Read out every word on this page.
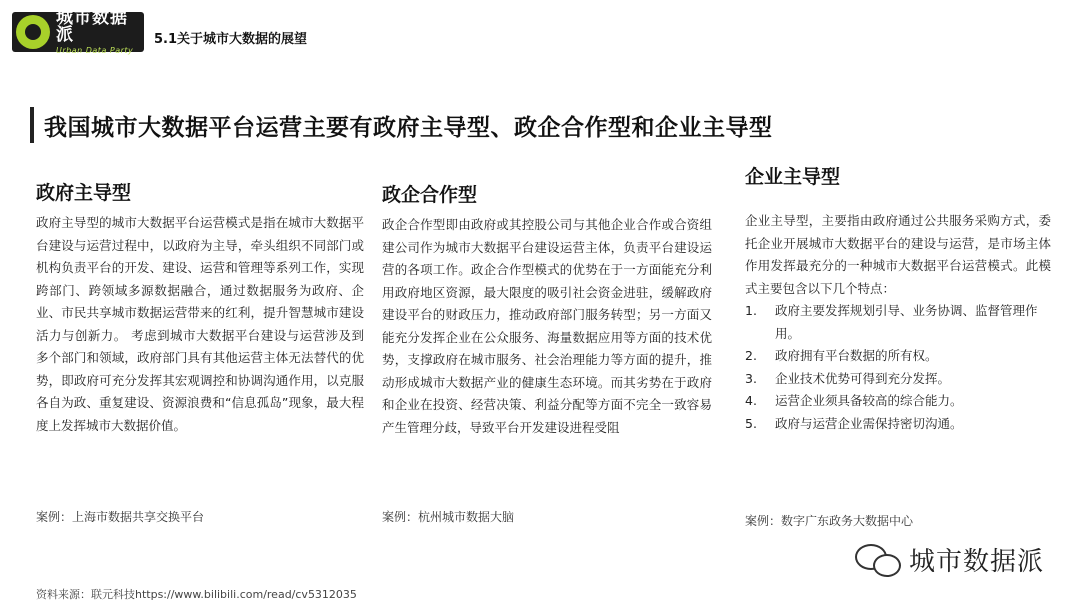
城市数据派
Urban Data Party
5.1关于城市大数据的展望
我国城市大数据平台运营主要有政府主导型、政企合作型和企业主导型
政府主导型

政府主导型的城市大数据平台运营模式是指在城市大数据平台建设与运营过程中，以政府为主导，牵头组织不同部门或机构负责平台的开发、建设、运营和管理等系列工作，实现跨部门、跨领域多源数据融合，通过数据服务为政府、企业、市民共享城市数据运营带来的红利，提升智慧城市建设活力与创新力。 考虑到城市大数据平台建设与运营涉及到多个部门和领域，政府部门具有其他运营主体无法替代的优势，即政府可充分发挥其宏观调控和协调沟通作用，以克服各自为政、重复建设、资源浪费和“信息孤岛”现象，最大程度上发挥城市大数据价值。

案例：上海市数据共享交换平台
政企合作型

政企合作型即由政府或其控股公司与其他企业合作或合资组建公司作为城市大数据平台建设运营主体，负责平台建设运营的各项工作。政企合作型模式的优势在于一方面能充分利用政府地区资源，最大限度的吸引社会资金进驻，缓解政府建设平台的财政压力，推动政府部门服务转型；另一方面又能充分发挥企业在公众服务、海量数据应用等方面的技术优势，支撑政府在城市服务、社会治理能力等方面的提升，推动形成城市大数据产业的健康生态环境。而其劣势在于政府和企业在投资、经营决策、利益分配等方面不完全一致容易产生管理分歧，导致平台开发建设进程受阻

案例：杭州城市数据大脑
企业主导型

企业主导型，主要指由政府通过公共服务采购方式，委托企业开展城市大数据平台的建设与运营，是市场主体作用发挥最充分的一种城市大数据平台运营模式。此模式主要包含以下几个特点：

1. 政府主要发挥规划引导、业务协调、监督管理作用。
2. 政府拥有平台数据的所有权。
3. 企业技术优势可得到充分发挥。
4. 运营企业须具备较高的综合能力。
5. 政府与运营企业需保持密切沟通。
案例：数字广东政务大数据中心
城市数据派
资料来源：联元科技https://www.bilibili.com/read/cv5312035
